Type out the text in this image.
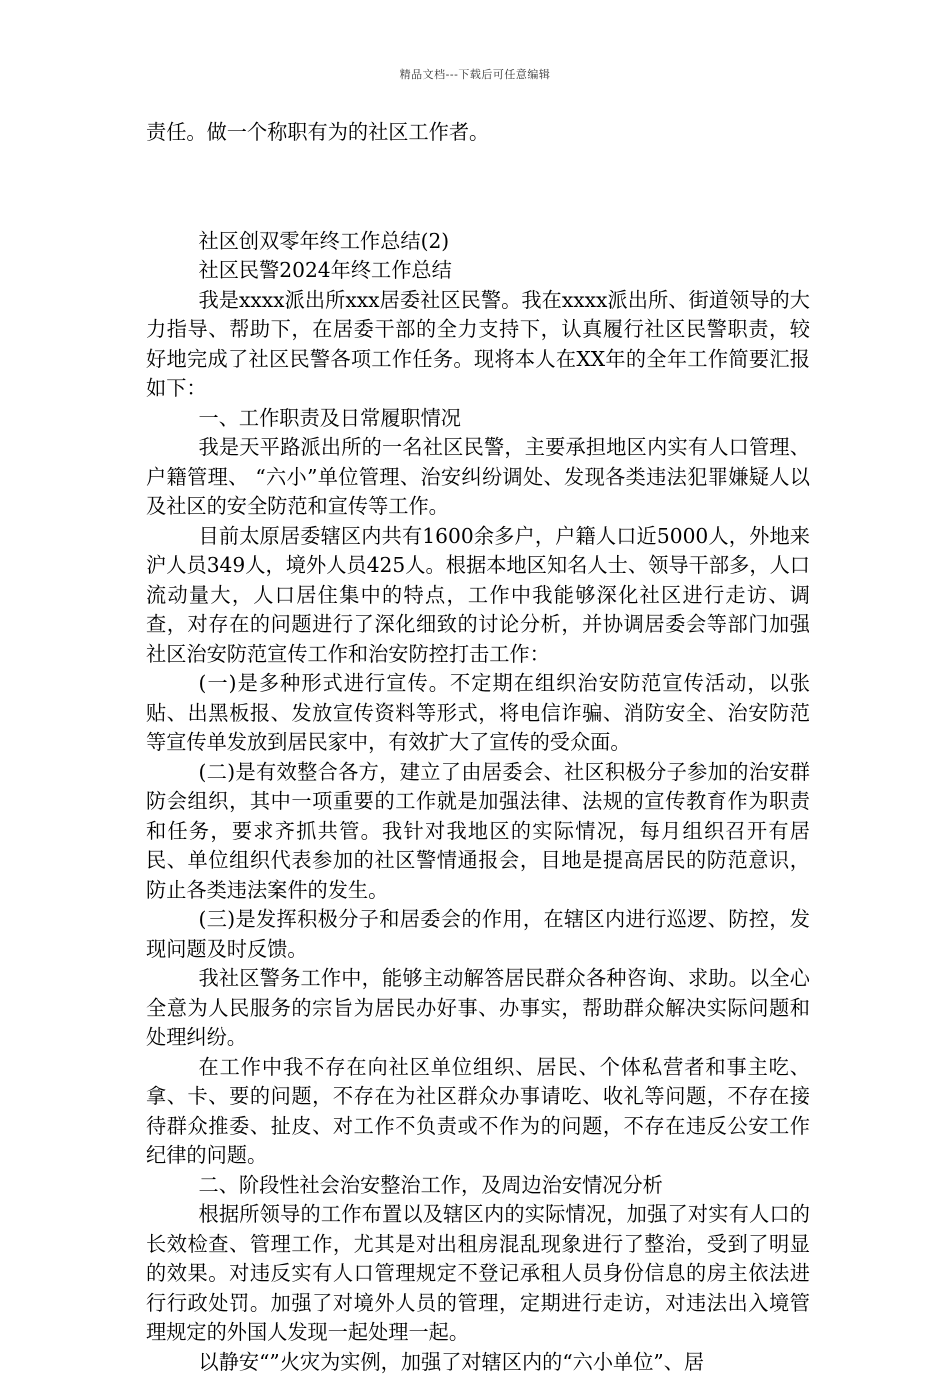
精品文档---下载后可任意编辑

责任。做一个称职有为的社区工作者。

社区创双零年终工作总结(2)

社区民警2024年终工作总结

我是xxxx派出所xxx居委社区民警。我在xxxx派出所、街道领导的大力指导、帮助下，在居委干部的全力支持下，认真履行社区民警职责，较好地完成了社区民警各项工作任务。现将本人在XX年的全年工作简要汇报如下：

一、工作职责及日常履职情况

我是天平路派出所的一名社区民警，主要承担地区内实有人口管理、户籍管理、 “六小”单位管理、治安纠纷调处、发现各类违法犯罪嫌疑人以及社区的安全防范和宣传等工作。

目前太原居委辖区内共有1600余多户，户籍人口近5000人，外地来沪人员349人，境外人员425人。根据本地区知名人士、领导干部多，人口流动量大，人口居住集中的特点，工作中我能够深化社区进行走访、调查，对存在的问题进行了深化细致的讨论分析，并协调居委会等部门加强社区治安防范宣传工作和治安防控打击工作：

(一)是多种形式进行宣传。不定期在组织治安防范宣传活动，以张贴、出黑板报、发放宣传资料等形式，将电信诈骗、消防安全、治安防范等宣传单发放到居民家中，有效扩大了宣传的受众面。

(二)是有效整合各方，建立了由居委会、社区积极分子参加的治安群防会组织，其中一项重要的工作就是加强法律、法规的宣传教育作为职责和任务，要求齐抓共管。我针对我地区的实际情况，每月组织召开有居民、单位组织代表参加的社区警情通报会，目地是提高居民的防范意识，防止各类违法案件的发生。

(三)是发挥积极分子和居委会的作用，在辖区内进行巡逻、防控，发现问题及时反馈。

我社区警务工作中，能够主动解答居民群众各种咨询、求助。以全心全意为人民服务的宗旨为居民办好事、办事实，帮助群众解决实际问题和处理纠纷。

在工作中我不存在向社区单位组织、居民、个体私营者和事主吃、拿、卡、要的问题，不存在为社区群众办事请吃、收礼等问题，不存在接待群众推委、扯皮、对工作不负责或不作为的问题，不存在违反公安工作纪律的问题。

二、阶段性社会治安整治工作，及周边治安情况分析

根据所领导的工作布置以及辖区内的实际情况，加强了对实有人口的长效检查、管理工作，尤其是对出租房混乱现象进行了整治，受到了明显的效果。对违反实有人口管理规定不登记承租人员身份信息的房主依法进行行政处罚。加强了对境外人员的管理，定期进行走访，对违法出入境管理规定的外国人发现一起处理一起。

以静安“”火灾为实例，加强了对辖区内的“六小单位”、居
